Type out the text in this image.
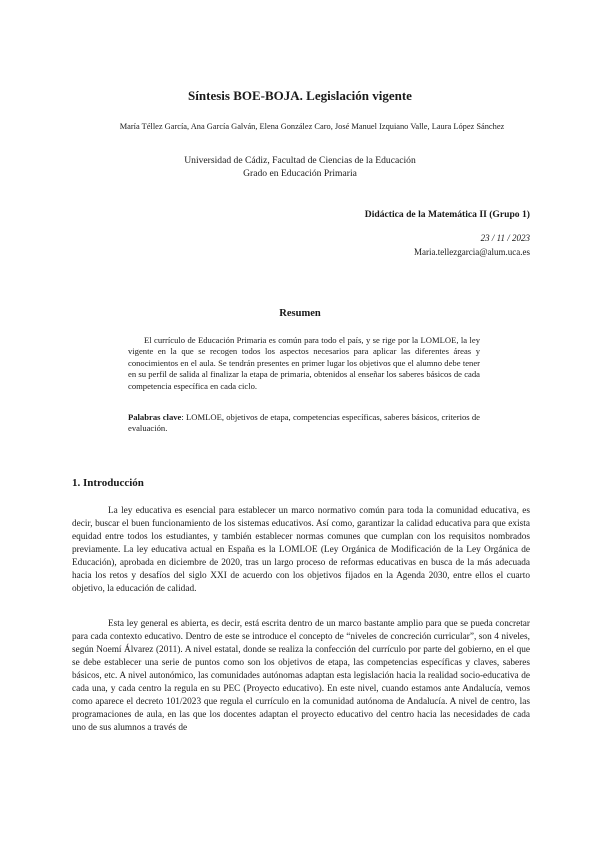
Síntesis BOE-BOJA. Legislación vigente
María Téllez García, Ana García Galván, Elena González Caro, José Manuel Izquiano Valle, Laura López Sánchez
Universidad de Cádiz, Facultad de Ciencias de la Educación
Grado en Educación Primaria
Didáctica de la Matemática II (Grupo 1)
23 / 11 / 2023
Maria.tellezgarcia@alum.uca.es
Resumen

El currículo de Educación Primaria es común para todo el país, y se rige por la LOMLOE, la ley vigente en la que se recogen todos los aspectos necesarios para aplicar las diferentes áreas y conocimientos en el aula. Se tendrán presentes en primer lugar los objetivos que el alumno debe tener en su perfil de salida al finalizar la etapa de primaria, obtenidos al enseñar los saberes básicos de cada competencia específica en cada ciclo.

Palabras clave: LOMLOE, objetivos de etapa, competencias específicas, saberes básicos, criterios de evaluación.

1. Introducción

La ley educativa es esencial para establecer un marco normativo común para toda la comunidad educativa, es decir, buscar el buen funcionamiento de los sistemas educativos. Así como, garantizar la calidad educativa para que exista equidad entre todos los estudiantes, y también establecer normas comunes que cumplan con los requisitos nombrados previamente. La ley educativa actual en España es la LOMLOE (Ley Orgánica de Modificación de la Ley Orgánica de Educación), aprobada en diciembre de 2020, tras un largo proceso de reformas educativas en busca de la más adecuada hacia los retos y desafíos del siglo XXI de acuerdo con los objetivos fijados en la Agenda 2030, entre ellos el cuarto objetivo, la educación de calidad.

Esta ley general es abierta, es decir, está escrita dentro de un marco bastante amplio para que se pueda concretar para cada contexto educativo. Dentro de este se introduce el concepto de “niveles de concreción curricular”, son 4 niveles, según Noemí Álvarez (2011). A nivel estatal, donde se realiza la confección del currículo por parte del gobierno, en el que se debe establecer una serie de puntos como son los objetivos de etapa, las competencias específicas y claves, saberes básicos, etc. A nivel autonómico, las comunidades autónomas adaptan esta legislación hacia la realidad socio-educativa de cada una, y cada centro la regula en su PEC (Proyecto educativo). En este nivel, cuando estamos ante Andalucía, vemos como aparece el decreto 101/2023 que regula el currículo en la comunidad autónoma de Andalucía. A nivel de centro, las programaciones de aula, en las que los docentes adaptan el proyecto educativo del centro hacia las necesidades de cada uno de sus alumnos a través de
